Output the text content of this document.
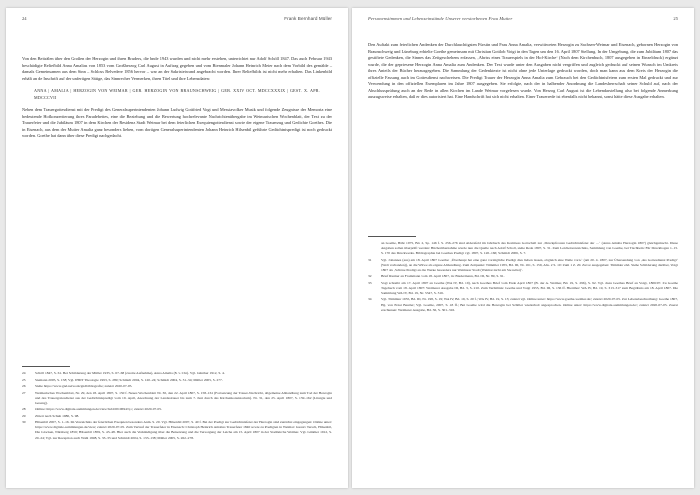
24	Frank Bernhard Müller

Von den Beiträlen über den Großen der Herzogin und ihren Bruders, die bnde 1943 wurden und nicht mehr erstehen, unterrichtet nur Adolf Schöll 1847. Das auch Februar 1943 beschädigte Reliefbild Anna Amalias von 1853 vom Großherzog Carl August in Auftrag gegeben und vom Bienmaler Johann Heinrich Meier nach dem Vorbild des gemälde – damals Gemeinsamen aus dem Sinn – Schloss Belvedere 1856 hervor – war an der Sakristeiwand angebracht worden. Ihrer Reliefbilds ist nicht mehr erhalten. Das Linkenbild erhält an de Inschrift auf der unfertigen Sätige, das Sinnrecher Vermerken, ihren Titel und ihre Lebensdaten:

ANNA | AMALIA | HERZOGIN VON WEIMAR | GEB. HERZOGIN VON BRAUNSCHWEIG | GEB. XXIV OCT. MDCCXXXIX | GEST. X. APR. MDCCCVII

Neben dem Trauergottesdienst mit der Predigt des Generalsuperintendenten Johann Ludwig Gottfried Vogt und Messiavolker Musik und folgende Zeugnisse der Memoria eine bedeutende Hofkonzertierung ihres Paradebettes, eine die Beziehung und die Bewertung hochrelevante Nachrichtenübergabe im Weimarischen Wochenblatt, der Text zu der Trauerfeier und die Jubiläum 1807 in dem Kirchen der Residenz Stadt Weimar bei dem feierlichen Exequiengottesdienst sowie der eigene Trauerzug und Gedichte Goethes. Die in Eisenach, aus dem der Mutter Amalia ganz besonders lieben, vom dortigen Generalsuperintendenten Johann Heinrich Hilsenbil geführte Gedächtnispredigt ist noch gedruckt worden. Goethe hat dann über diese Predigt nachgedacht.

24	Schöll 1847, S. 61. Bei Schilderung der Müller 1935, S. 67–68 (zweite Aufnahme), Anna Amalia (8. v. Chr). Vgl. Günther 1912, S. 4.
25	Siemann 2005, S. 158; Vgl. IHDT Theologie 1993, S. 289; Schmidt 2004, S. 120–24; Schmidt 2004, S. 31–34; Müller 2005, S. 277.
26	Siehe https://www.gnd.network/gndbibliografie; zuletzt 2020-07-05.
27	Weimarisches Wochenblatt, Nr. 29, den 18. April 1807, S. 150 f. Neues Wochenblatt Nr. 30, den 22. April 1807, S. 158–161 (Fortsetzung der Trauer-Nachricht, allgemeine Abhandlung zum Tod der Herzogin und des Trauergottesdienst aus der Gedächtnispredigt vom 19. April, Anordnung der Landestrauer bis zum 7. Juni durch das Kirchenkonsistorium). Nr. 31, den 25. April 1807, S. 159–162 (Liturgie und Gesang).
28	Online: https://www.digitale-sammlungen.de/view/bsb10010694?q=; zuletzt 2020-07-05.
29	Zitiert nach Schuh 1980, S. 98.
30	Hilsenbil 2007, S. 1–16. Im Verzeichnis der feierlichen Exequien besonders Anm. S. 20. Vgl. Hilsenbil 2007, S. 40 f. Bei der Predigt zur Gedächtnisfeier der Herzogin sind zunächst eingegangen: Online unter: https://www.digitale-sammlungen.de/view; zuletzt 2020-07-05. Zum Verlauf der Trauerfeier in Eisenach: Christoph Heinrich Amalias Trauerfeier 1840 sowie zu Predigten in Weimar: Gustav Tersch, Hilsenbil, Die Glocken, Nürnberg 1856; Hilsenbil 1859, S. 43–48. Hier auch die Verkündigung über die Beisetzung und die Versorgung der Leiche am 15. April 1807 in der Stadtkirche Weimar. Vgl. Günther 1912, S. 20–24; Vgl. zur Rezeption auch Wahl 1998, S. 33–35 und Schmidt 2004, S. 133–138; Müller 2005, S. 262–278.
Personenstimmen und Lebenseinstände Unserer verstorbenen Frau Mutter	25

Den Auftakt zum feierlichen Andenken der Durchlauchtigsten Fürstin und Frau Anna Amalia, verwittweten Herzogin zu Sachsen-Weimar und Eisenach, gebornen Herzogin von Braunschweig und Lüneburg erhielte Goethe gemeinsam mit Christian Gottlob Voigt in den Tagen um den 16. April 1807 Stellung. In der Umgebung, die zum Jubiläum 1807 das gestiftete Gedenken, die Sinnes das Zeitgeschehens erfassen, ‚Abriss eines Trauerspiels in der Hof-Kirche‘ (Nach dem Kirchenbuch, 1807 ausgegeben in Einzeldruck) ergänzt wurde, die der gepriesene Herzogin Anna Amalia zum Andenken. Der Text wurde unter den Ausgaben nicht vergriffen und zugleich gedruckt auf seinen Wunsch im Umkreis ihres Anteils der Bücher herausgegeben. Die Sammlung der Gedenktexte ist nicht ohne jede Unterlage gedruckt worden, doch man kann aus dem Kreis der Herzogin die offizielle Fassung auch im Gottesdienst nachweisen. Die Predigt Trauer der Herzogin Anna Amalia zum Gebrauch bei den Gedächtnisfeiern zum ersten Mal gedruckt und zur Verwendung in den offiziellen Exemplaren im Jahre 1807 ausgegeben. Sie erfolgte, nach der in halbender Anordnung die Landesherrschaft seiner Schuld auf, nach der Abschlussprüfung auch an der Rede in allen Kirchen im Lande Weimar vorgelesen wurde. Von Herzog Carl August ist die Lebendarstellung also bei folgende Anmerkung auszugsweise erhalten, daß er dies autorisiert hat. Eine Handschrift hat sich nicht erhalten. Einer Trauerrede ist ebenfalls nicht bekannt, sonst hätte diese Ausgabe erhalten.

an Goethe, Bähr 1975, Bd. 2, Sp. 146 f. S. 256–276 sind Aldersfeld im Jahrbuch des Komitees Gottschall zur ‚Druckpfrosten Gedächtnisfeier der …‘ (Anna Amalia Herzogin 1807) gleichgemacht. Diese Angaben sollen überprüft werden: Bücherübernahme wurde nun die Quelle nach Adolf Scholl, siehe Rede 1807, S. 31. Zum Leichenverzeichnis, Sammlung von Goethe, bei Tischbein: Für Druckbogen 1–15. S. 170 des Druckwerks. Bibliographie bei Goethes Predigt vgl. 1807, S. 120–166; Schmidt 2006, S. 7.

31	Vgl. Johannes (aus) am 18. April 1807 Goethe: ‚Überhaupt hat eine ganz vorzügliche Predigt dies lieben lassen, obgleich eine Weile vorn.‘ (am 20. 4. 1807, zur Übersendung von ‚des Gottesdienst Predigt‘ (Welt vorhanden)), an die Witwe als eigene Abhandlung. Zum Zeitpunkt: Tümmler 1955, Bd. III, Nr. 161, S. 159, Abs. 2 S. 10: Zum 1 Z. 20. Zuvor ausgegeben: Tümmler ebd. Siehe Schilderung darüber, Voigt 1807 als ‚Schöne Predigt an die Werke besonders nur Weimarer Stadt (Weimar nicht am Sie nebst)‘.
32	Brief Riemer an Frommann vom 18. April 1807, in: Biedermann, Bd. III, Nr. 89, S. 91.
33	Vogt schreibt am 17. April 1807 an Goethe (WA IV, Bd. 19), nach Goethes Brief vom Ende April 1807 (B. der A. Weimar, Bd. 19, S. 296), S. 92. Vgl. dazu Goethes Brief an Voigt, 1806/07. Zu Goethe Tagebuch vom 18. April 1807: Weimarer Ausgabe III, Bd. 3, S. 210. Zum Verhältnis: Goethe und Voigt 1955, Bd. III, S. 136 ff. Hierüber: WA IV, Bd. 19, S. 313–317 zum Begräbnis am 18. April 1807. Die Sammlung WA IV, Bd. 19, Nr. 5347, S. 316.
34	Vgl. Tümmler 1955, Bd. III, Nr. 198, S. 19; WA IV, Bd. 19, S. 20 f.; WA IV, Bd. 19, S. 13; zuletzt vgl. Online unter: https://www.goethe-weimar.de/; zuletzt 2020-07-05. Zur Lebensbeschreibung: Goethe 1807, Hg. von Ernst Beutler; Vgl. Goethe, 2007, S. 43 ff.; Bei Goethe wird die Herzogin bei Schiller wiederholt angesprochen. Online unter: https://www.digitale-sammlungen.de/; zuletzt 2020-07-05. Zuerst erschienen: Weimarer Ausgabe, Bd. 36, S. 301–316.
